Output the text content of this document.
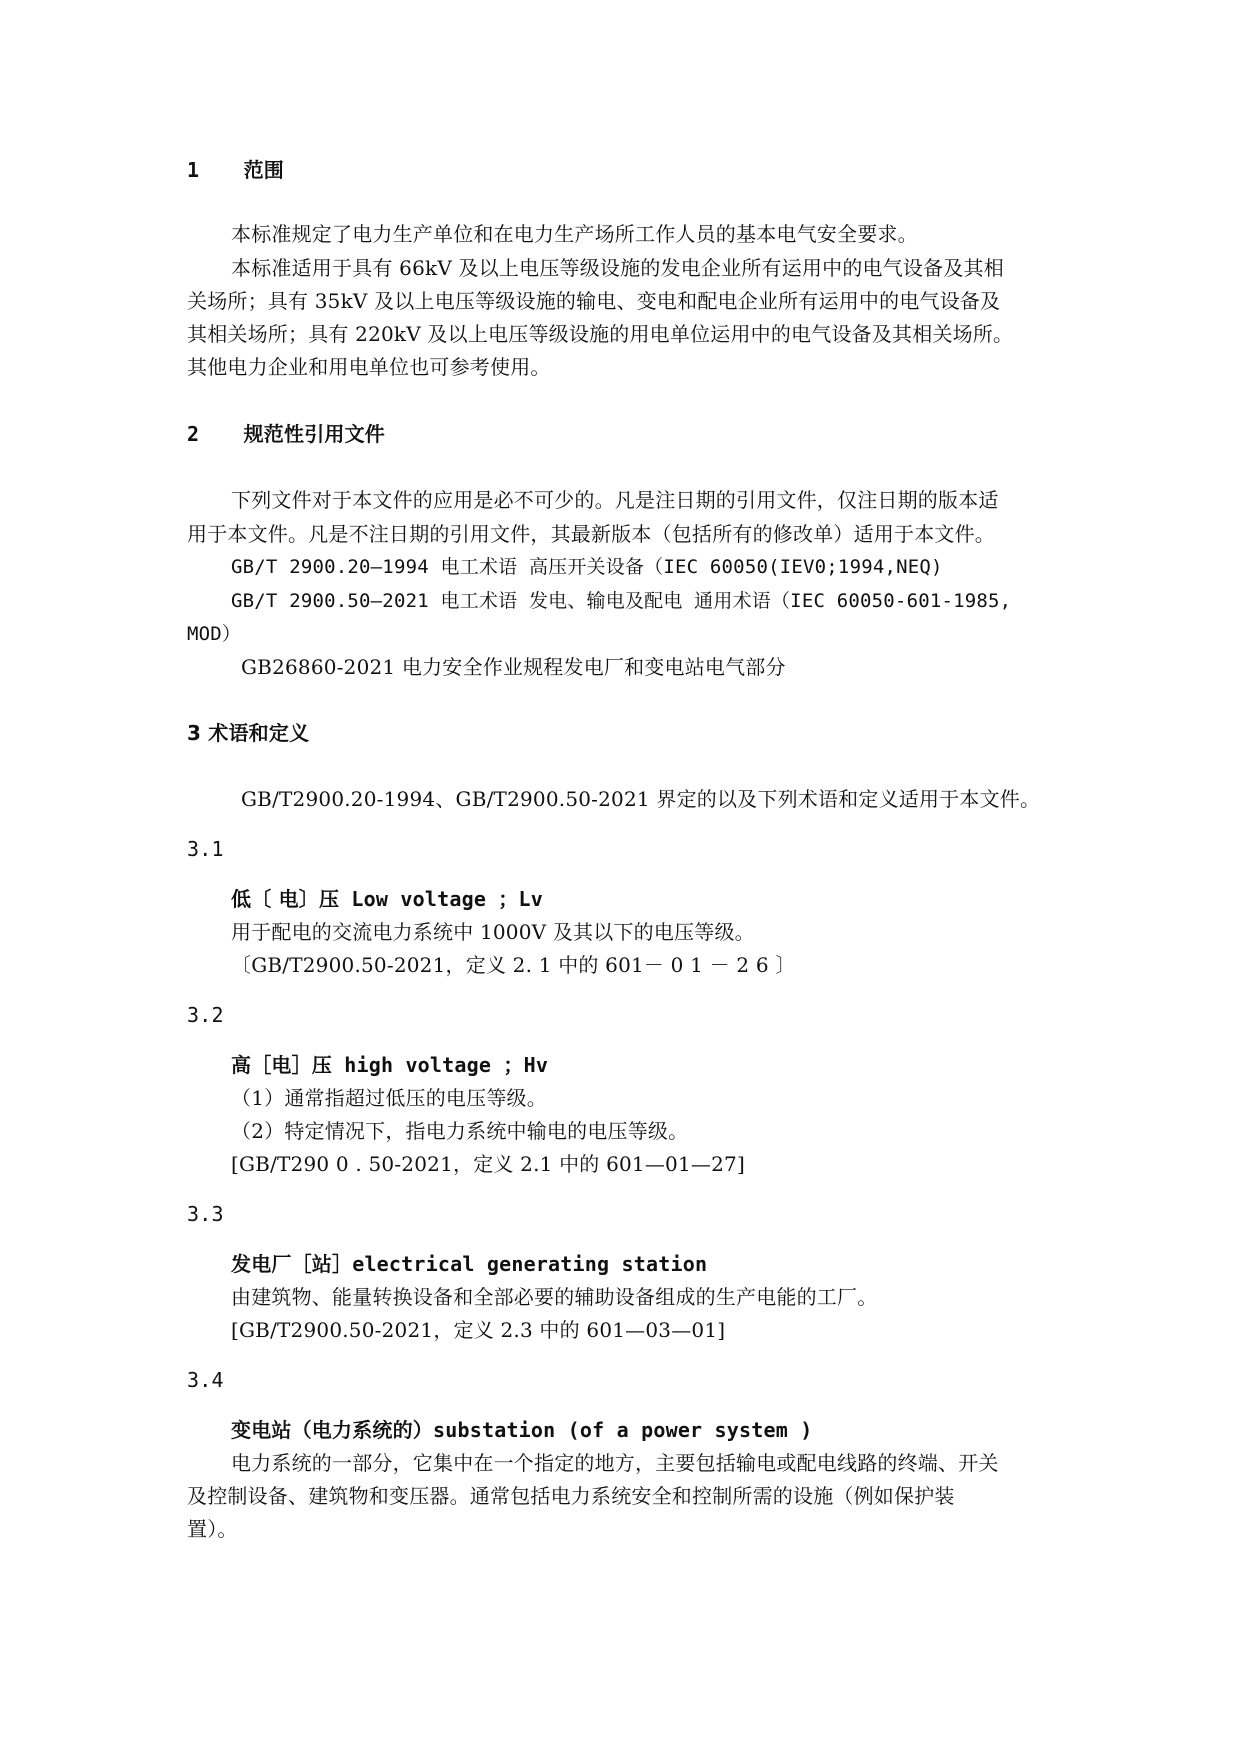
1 范围
本标准规定了电力生产单位和在电力生产场所工作人员的基本电气安全要求。
本标准适用于具有 66kV 及以上电压等级设施的发电企业所有运用中的电气设备及其相
关场所；具有 35kV 及以上电压等级设施的输电、变电和配电企业所有运用中的电气设备及
其相关场所；具有 220kV 及以上电压等级设施的用电单位运用中的电气设备及其相关场所。
其他电力企业和用电单位也可参考使用。
2 规范性引用文件
下列文件对于本文件的应用是必不可少的。凡是注日期的引用文件，仅注日期的版本适
用于本文件。凡是不注日期的引用文件，其最新版本（包括所有的修改单）适用于本文件。
GB/T 2900.20—1994 电工术语 高压开关设备（IEC 60050(IEV0;1994,NEQ)
GB/T 2900.50—2021 电工术语 发电、输电及配电 通用术语（IEC 60050-601-1985,
MOD）
GB26860-2021 电力安全作业规程发电厂和变电站电气部分
3 术语和定义
GB/T2900.20-1994、GB/T2900.50-2021 界定的以及下列术语和定义适用于本文件。
3.1
低〔 电〕压 Low voltage ；Lv
用于配电的交流电力系统中 1000V 及其以下的电压等级。
〔GB/T2900.50-2021，定义 2. 1 中的 601－ 0 1 － 2 6 〕
3.2
高［电］压 high voltage ；Hv
（1）通常指超过低压的电压等级。
（2）特定情况下，指电力系统中输电的电压等级。
[GB/T290 0 . 50-2021，定义 2.1 中的 601—01—27]
3.3
发电厂［站］electrical generating station
由建筑物、能量转换设备和全部必要的辅助设备组成的生产电能的工厂。
[GB/T2900.50-2021，定义 2.3 中的 601—03—01]
3.4
变电站（电力系统的）substation (of a power system )
电力系统的一部分，它集中在一个指定的地方，主要包括输电或配电线路的终端、开关
及控制设备、建筑物和变压器。通常包括电力系统安全和控制所需的设施（例如保护装
置）。
